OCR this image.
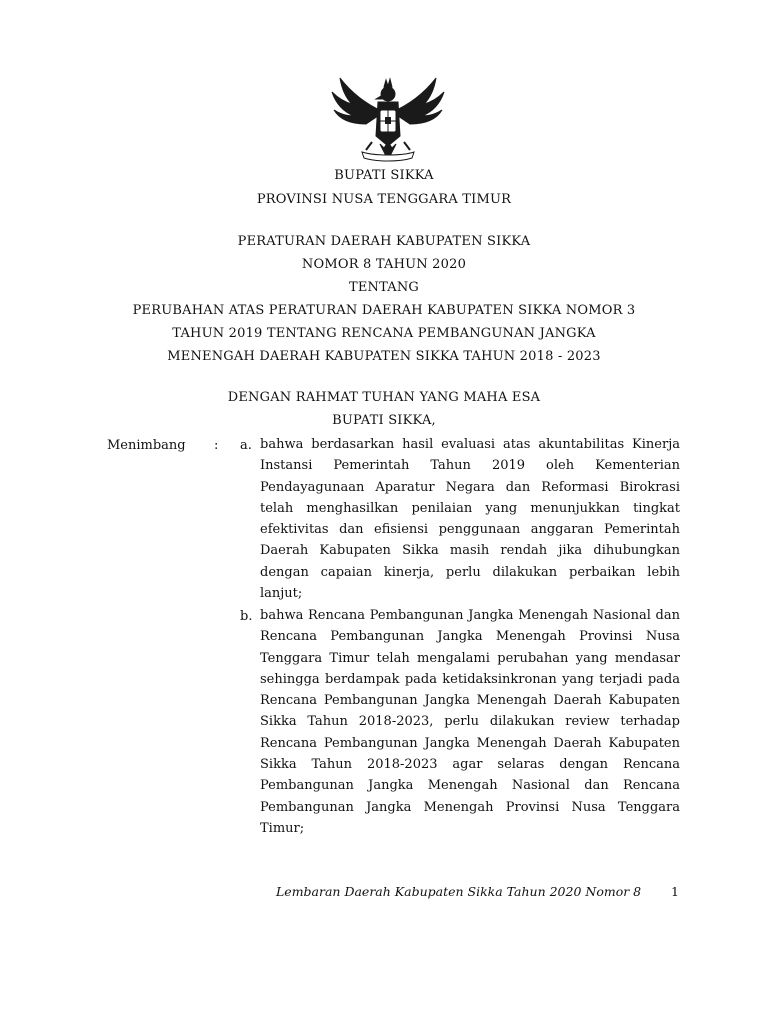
BUPATI SIKKA
PROVINSI NUSA TENGGARA TIMUR
PERATURAN DAERAH KABUPATEN SIKKA
NOMOR 8 TAHUN 2020
TENTANG
PERUBAHAN ATAS PERATURAN DAERAH KABUPATEN SIKKA NOMOR 3
TAHUN 2019 TENTANG RENCANA PEMBANGUNAN JANGKA
MENENGAH DAERAH KABUPATEN SIKKA TAHUN 2018 - 2023
DENGAN RAHMAT TUHAN YANG MAHA ESA
BUPATI SIKKA,
Menimbang : a. bahwa berdasarkan hasil evaluasi atas akuntabilitas Kinerja Instansi Pemerintah Tahun 2019 oleh Kementerian Pendayagunaan Aparatur Negara dan Reformasi Birokrasi telah menghasilkan penilaian yang menunjukkan tingkat efektivitas dan efisiensi penggunaan anggaran Pemerintah Daerah Kabupaten Sikka masih rendah jika dihubungkan dengan capaian kinerja, perlu dilakukan perbaikan lebih lanjut;
b. bahwa Rencana Pembangunan Jangka Menengah Nasional dan Rencana Pembangunan Jangka Menengah Provinsi Nusa Tenggara Timur telah mengalami perubahan yang mendasar sehingga berdampak pada ketidaksinkronan yang terjadi pada Rencana Pembangunan Jangka Menengah Daerah Kabupaten Sikka Tahun 2018-2023, perlu dilakukan review terhadap Rencana Pembangunan Jangka Menengah Daerah Kabupaten Sikka Tahun 2018-2023 agar selaras dengan Rencana Pembangunan Jangka Menengah Nasional dan Rencana Pembangunan Jangka Menengah Provinsi Nusa Tenggara Timur;
Lembaran Daerah Kabupaten Sikka Tahun 2020 Nomor 8 1
